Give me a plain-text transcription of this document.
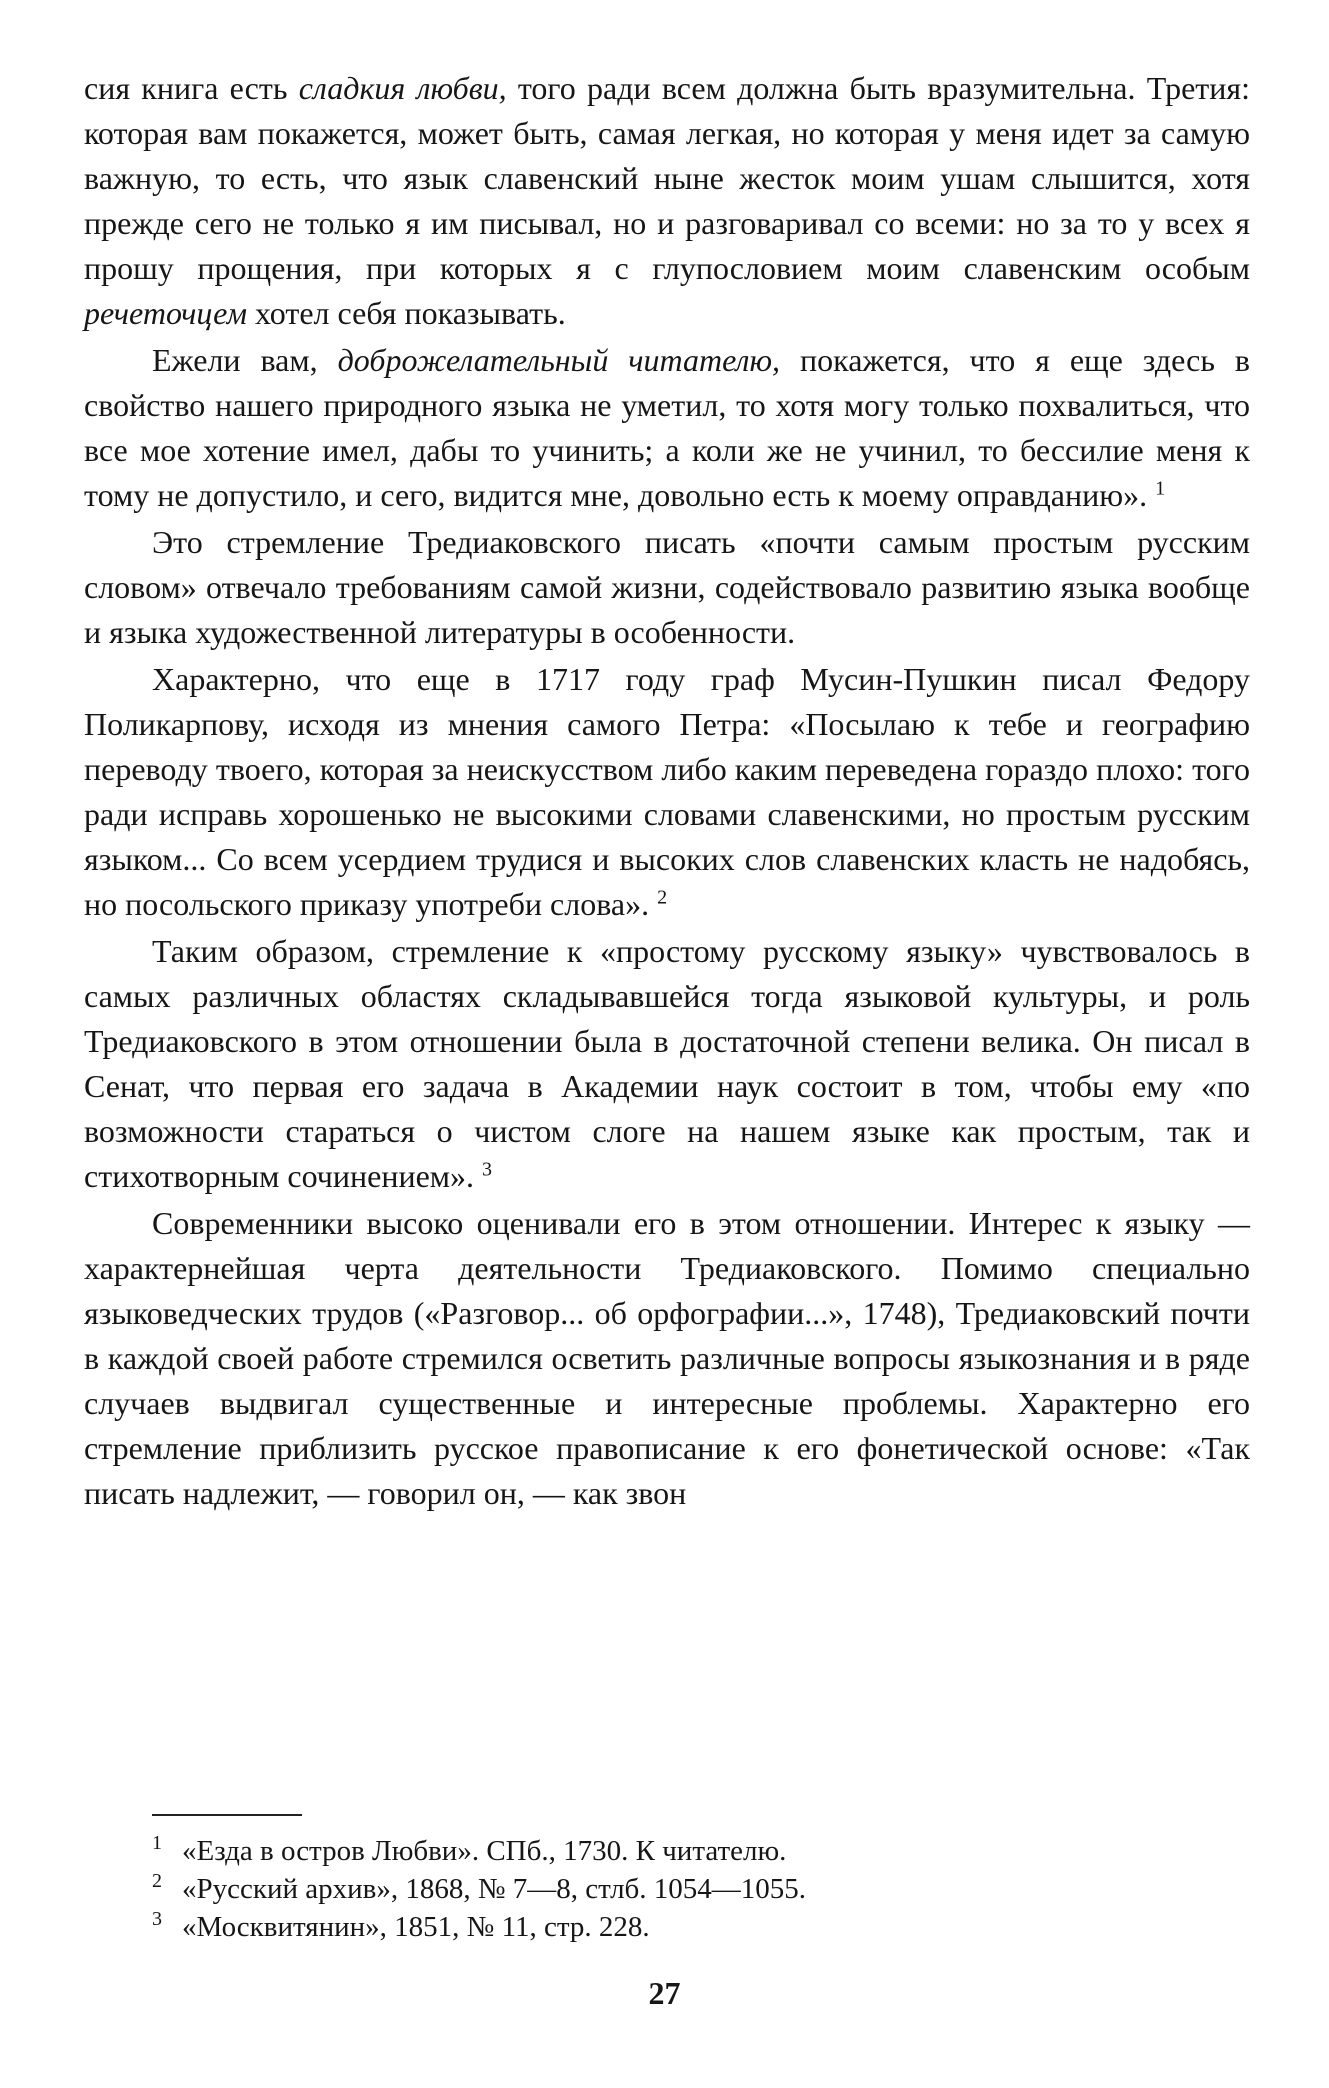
сия книга есть сладкия любви, того ради всем должна быть вразумительна. Третия: которая вам покажется, может быть, самая легкая, но которая у меня идет за самую важную, то есть, что язык славенский ныне жесток моим ушам слышится, хотя прежде сего не только я им писывал, но и разговаривал со всеми: но за то у всех я прошу прощения, при которых я с глупословием моим славенским особым речеточцем хотел себя показывать.

Ежели вам, доброжелательный читателю, покажется, что я еще здесь в свойство нашего природного языка не уметил, то хотя могу только похвалиться, что все мое хотение имел, дабы то учинить; а коли же не учинил, то бессилие меня к тому не допустило, и сего, видится мне, довольно есть к моему оправданию». $^1$

Это стремление Тредиаковского писать «почти самым простым русским словом» отвечало требованиям самой жизни, содействовало развитию языка вообще и языка художественной литературы в особенности.

Характерно, что еще в 1717 году граф Мусин-Пушкин писал Федору Поликарпову, исходя из мнения самого Петра: «Посылаю к тебе и географию переводу твоего, которая за неискусством либо каким переведена гораздо плохо: того ради исправь хорошенько не высокими словами славенскими, но простым русским языком... Со всем усердием трудися и высоких слов славенских класть не надобясь, но посольского приказу употреби слова». $^2$

Таким образом, стремление к «простому русскому языку» чувствовалось в самых различных областях складывавшейся тогда языковой культуры, и роль Тредиаковского в этом отношении была в достаточной степени велика. Он писал в Сенат, что первая его задача в Академии наук состоит в том, чтобы ему «по возможности стараться о чистом слоге на нашем языке как простым, так и стихотворным сочинением». $^3$

Современники высоко оценивали его в этом отношении. Интерес к языку — характернейшая черта деятельности Тредиаковского. Помимо специально языковедческих трудов («Разговор... об орфографии...», 1748), Тредиаковский почти в каждой своей работе стремился осветить различные вопросы языкознания и в ряде случаев выдвигал существенные и интересные проблемы. Характерно его стремление приблизить русское правописание к его фонетической основе: «Так писать надлежит, — говорил он, — как звон

1 «Езда в остров Любви». СПб., 1730. К читателю.
2 «Русский архив», 1868, № 7—8, стлб. 1054—1055.
3 «Москвитянин», 1851, № 11, стр. 228.
27
